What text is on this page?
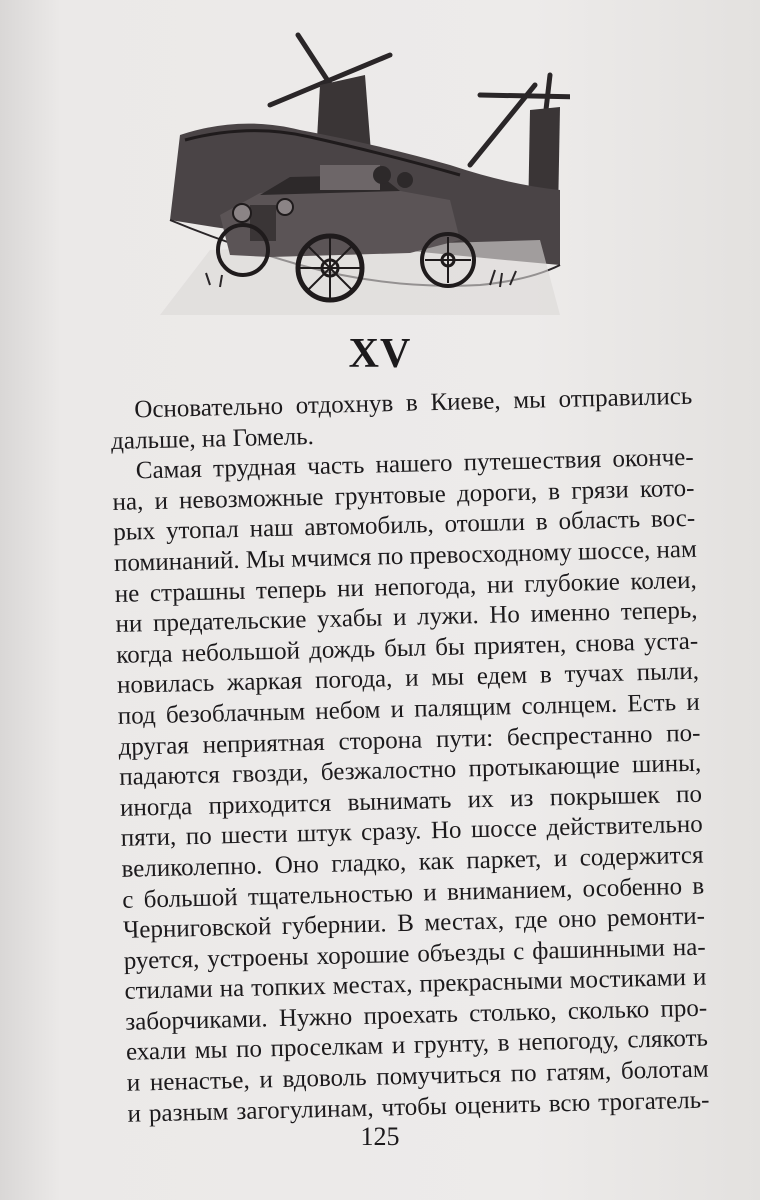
XV
Основательно отдохнув в Киеве, мы отправились
дальше, на Гомель.
Самая трудная часть нашего путешествия оконче-
на, и невозможные грунтовые дороги, в грязи кото-
рых утопал наш автомобиль, отошли в область вос-
поминаний. Мы мчимся по превосходному шоссе, нам
не страшны теперь ни непогода, ни глубокие колеи,
ни предательские ухабы и лужи. Но именно теперь,
когда небольшой дождь был бы приятен, снова уста-
новилась жаркая погода, и мы едем в тучах пыли,
под безоблачным небом и палящим солнцем. Есть и
другая неприятная сторона пути: беспрестанно по-
падаются гвозди, безжалостно протыкающие шины,
иногда приходится вынимать их из покрышек по
пяти, по шести штук сразу. Но шоссе действительно
великолепно. Оно гладко, как паркет, и содержится
с большой тщательностью и вниманием, особенно в
Черниговской губернии. В местах, где оно ремонти-
руется, устроены хорошие объезды с фашинными на-
стилами на топких местах, прекрасными мостиками и
заборчиками. Нужно проехать столько, сколько про-
ехали мы по проселкам и грунту, в непогоду, слякоть
и ненастье, и вдоволь помучиться по гатям, болотам
и разным загогулинам, чтобы оценить всю трогатель-
125
